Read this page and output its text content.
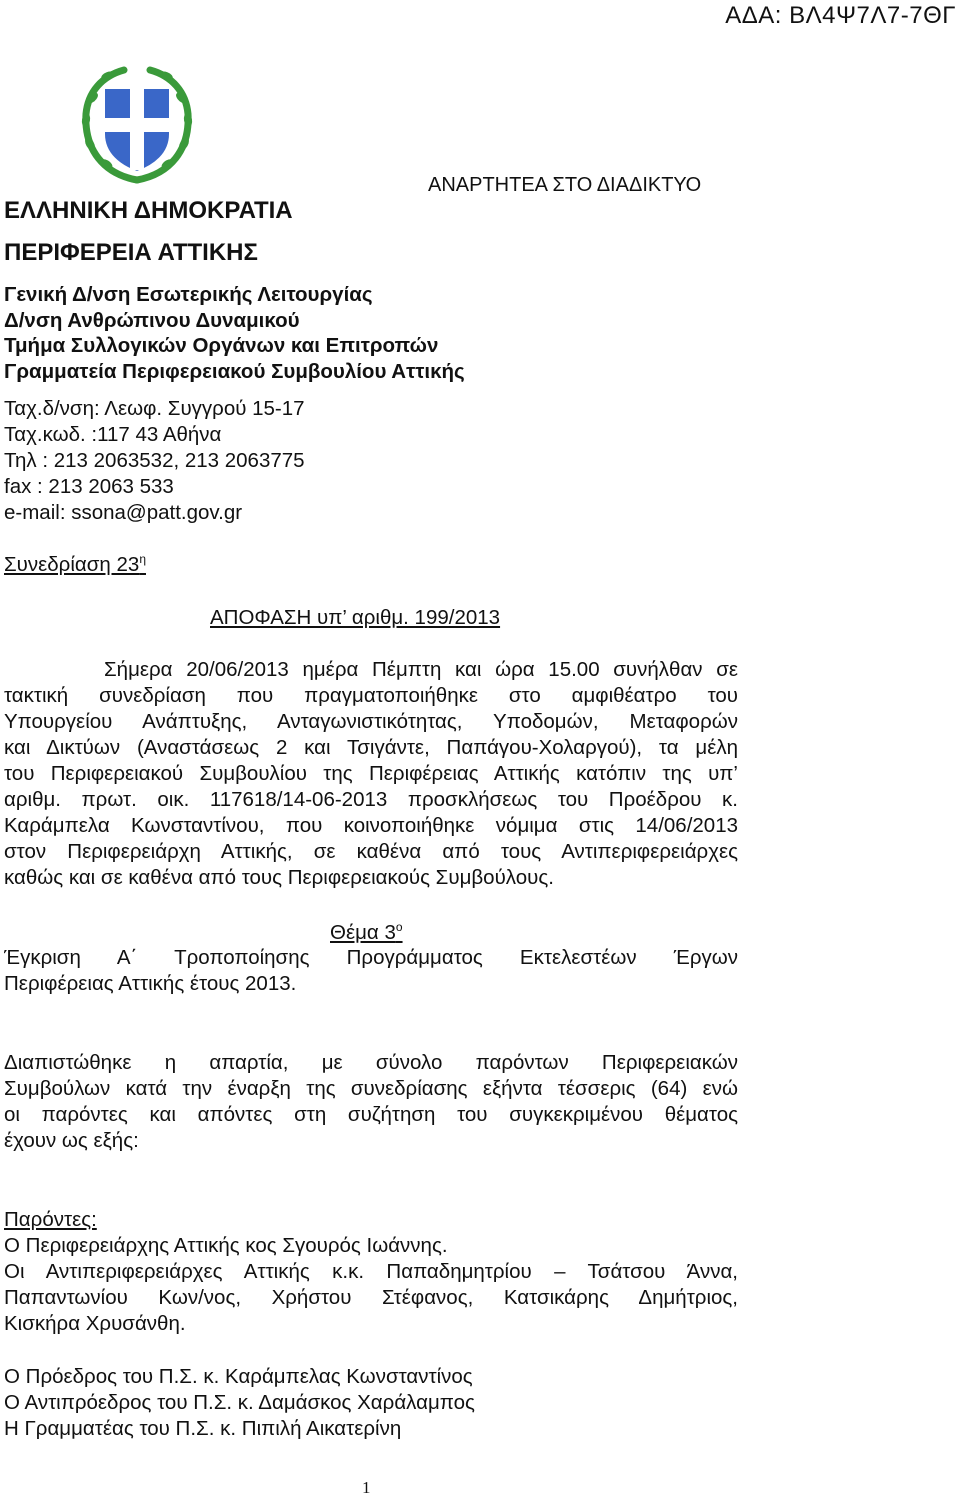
ΑΔΑ: ΒΛ4Ψ7Λ7-7ΘΓ
ΑΝΑΡΤΗΤΕΑ ΣΤΟ ΔΙΑΔΙΚΤΥΟ
ΕΛΛΗΝΙΚΗ ΔΗΜΟΚΡΑΤΙΑ
ΠΕΡΙΦΕΡΕΙΑ ΑΤΤΙΚΗΣ
Γενική Δ/νση Εσωτερικής Λειτουργίας
Δ/νση Ανθρώπινου Δυναμικού
Τμήμα Συλλογικών Οργάνων και Επιτροπών
Γραμματεία Περιφερειακού Συμβουλίου Αττικής
Ταχ.δ/νση: Λεωφ. Συγγρού 15-17
Ταχ.κωδ. :117 43 Αθήνα
Τηλ : 213 2063532, 213 2063775
fax : 213 2063 533
e-mail: ssona@patt.gov.gr
Συνεδρίαση $23^\eta$
ΑΠΟΦΑΣΗ υπ’ αριθμ. 199/2013
Σήμερα 20/06/2013 ημέρα Πέμπτη και ώρα 15.00 συνήλθαν σε
τακτική συνεδρίαση που πραγματοποιήθηκε στο αμφιθέατρο του
Υπουργείου Ανάπτυξης, Ανταγωνιστικότητας, Υποδομών, Μεταφορών
και Δικτύων (Αναστάσεως 2 και Τσιγάντε, Παπάγου-Χολαργού), τα μέλη
του Περιφερειακού Συμβουλίου της Περιφέρειας Αττικής κατόπιν της υπ’
αριθμ. πρωτ. οικ. 117618/14-06-2013 προσκλήσεως του Προέδρου κ.
Καράμπελα Κωνσταντίνου, που κοινοποιήθηκε νόμιμα στις 14/06/2013
στον Περιφερειάρχη Αττικής, σε καθένα από τους Αντιπεριφερειάρχες
καθώς και σε καθένα από τους Περιφερειακούς Συμβούλους.
Θέμα $3^o$
Έγκριση Α΄ Τροποποίησης Προγράμματος Εκτελεστέων Έργων
Περιφέρειας Αττικής έτους 2013.
Διαπιστώθηκε η απαρτία, με σύνολο παρόντων Περιφερειακών
Συμβούλων κατά την έναρξη της συνεδρίασης εξήντα τέσσερις (64) ενώ
οι παρόντες και απόντες στη συζήτηση του συγκεκριμένου θέματος
έχουν ως εξής:
Παρόντες:
Ο Περιφερειάρχης Αττικής κος Σγουρός Ιωάννης.
Οι Αντιπεριφερειάρχες Αττικής κ.κ. Παπαδημητρίου – Τσάτσου Άννα,
Παπαντωνίου Κων/νος, Χρήστου Στέφανος, Κατσικάρης Δημήτριος,
Κισκήρα Χρυσάνθη.
Ο Πρόεδρος του Π.Σ. κ. Καράμπελας Κωνσταντίνος
Ο Αντιπρόεδρος του Π.Σ. κ. Δαμάσκος Χαράλαμπος
Η Γραμματέας του Π.Σ. κ. Πιπιλή Αικατερίνη
1
